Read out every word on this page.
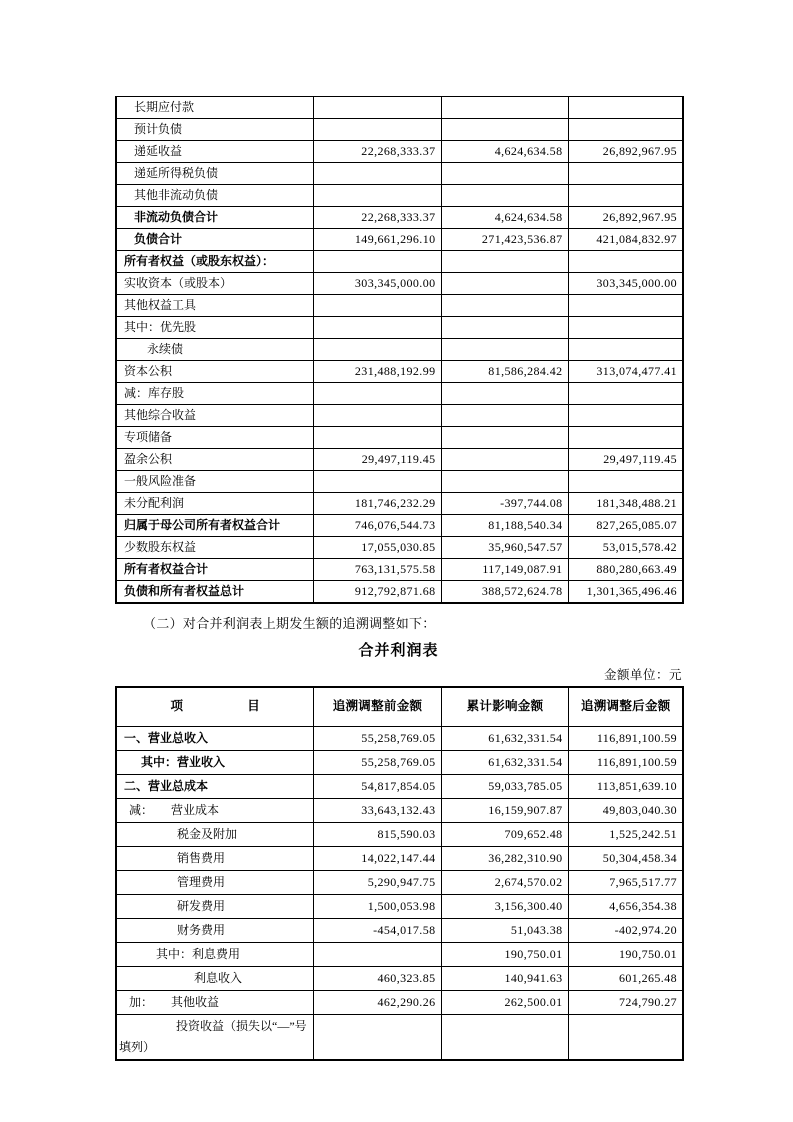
长期应付款			
预计负债			
递延收益	22,268,333.37	4,624,634.58	26,892,967.95
递延所得税负债			
其他非流动负债			
非流动负债合计	22,268,333.37	4,624,634.58	26,892,967.95
负债合计	149,661,296.10	271,423,536.87	421,084,832.97
所有者权益（或股东权益）：			
实收资本（或股本）	303,345,000.00		303,345,000.00
其他权益工具			
其中：优先股			
永续债			
资本公积	231,488,192.99	81,586,284.42	313,074,477.41
减：库存股			
其他综合收益			
专项储备			
盈余公积	29,497,119.45		29,497,119.45
一般风险准备			
未分配利润	181,746,232.29	-397,744.08	181,348,488.21
归属于母公司所有者权益合计	746,076,544.73	81,188,540.34	827,265,085.07
少数股东权益	17,055,030.85	35,960,547.57	53,015,578.42
所有者权益合计	763,131,575.58	117,149,087.91	880,280,663.49
负债和所有者权益总计	912,792,871.68	388,572,624.78	1,301,365,496.46

（二）对合并利润表上期发生额的追溯调整如下：

合并利润表
金额单位：元
项　　　　　目	追溯调整前金额	累计影响金额	追溯调整后金额
一、营业总收入	55,258,769.05	61,632,331.54	116,891,100.59
其中：营业收入	55,258,769.05	61,632,331.54	116,891,100.59
二、营业总成本	54,817,854.05	59,033,785.05	113,851,639.10
减：　　营业成本	33,643,132.43	16,159,907.87	49,803,040.30
税金及附加	815,590.03	709,652.48	1,525,242.51
销售费用	14,022,147.44	36,282,310.90	50,304,458.34
管理费用	5,290,947.75	2,674,570.02	7,965,517.77
研发费用	1,500,053.98	3,156,300.40	4,656,354.38
财务费用	-454,017.58	51,043.38	-402,974.20
其中：利息费用		190,750.01	190,750.01
利息收入	460,323.85	140,941.63	601,265.48
加：　　其他收益	462,290.26	262,500.01	724,790.27
投资收益（损失以“—”号填列）			
